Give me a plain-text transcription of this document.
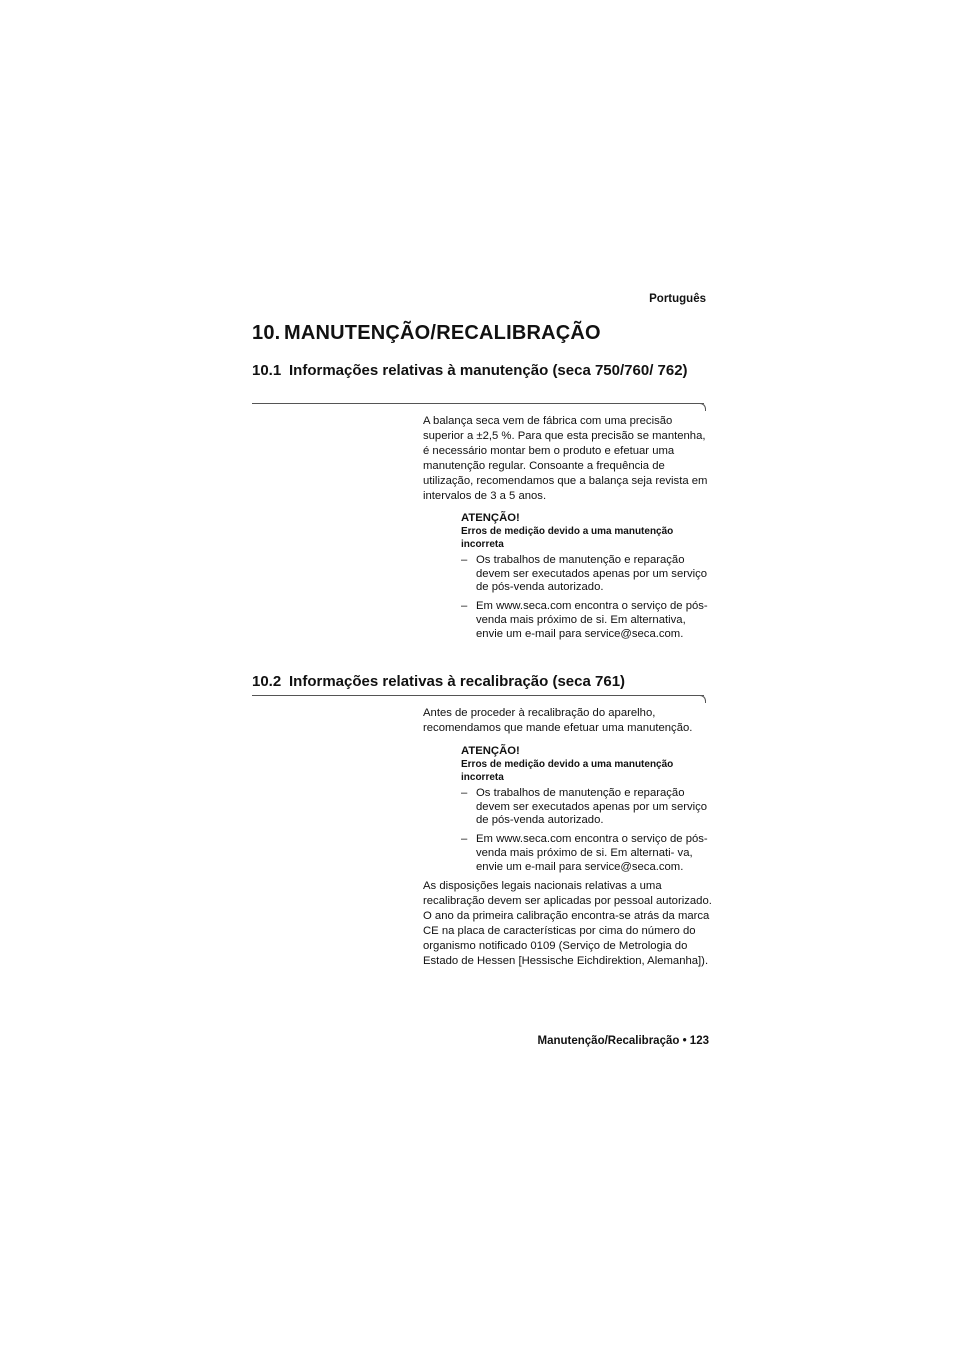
Português
10. MANUTENÇÃO/RECALIBRAÇÃO
10.1 Informações relativas à manutenção (seca 750/760/ 762)

A balança seca vem de fábrica com uma precisão superior a ±2,5 %. Para que esta precisão se mantenha, é necessário montar bem o produto e efetuar uma manutenção regular. Consoante a frequência de utilização, recomendamos que a balança seja revista em intervalos de 3 a 5 anos.

ATENÇÃO!
Erros de medição devido a uma manutenção incorreta
– Os trabalhos de manutenção e reparação devem ser executados apenas por um serviço de pós-venda autorizado.
– Em www.seca.com encontra o serviço de pós-venda mais próximo de si. Em alternativa, envie um e-mail para service@seca.com.
10.2 Informações relativas à recalibração (seca 761)

Antes de proceder à recalibração do aparelho, recomendamos que mande efetuar uma manutenção.

ATENÇÃO!
Erros de medição devido a uma manutenção incorreta
– Os trabalhos de manutenção e reparação devem ser executados apenas por um serviço de pós-venda autorizado.
– Em www.seca.com encontra o serviço de pós-venda mais próximo de si. Em alternati- va, envie um e-mail para service@seca.com.

As disposições legais nacionais relativas a uma recalibração devem ser aplicadas por pessoal autorizado. O ano da primeira calibração encontra-se atrás da marca CE na placa de características por cima do número do organismo notificado 0109 (Serviço de Metrologia do Estado de Hessen [Hessische Eichdirektion, Alemanha]).

Manutenção/Recalibração • 123
